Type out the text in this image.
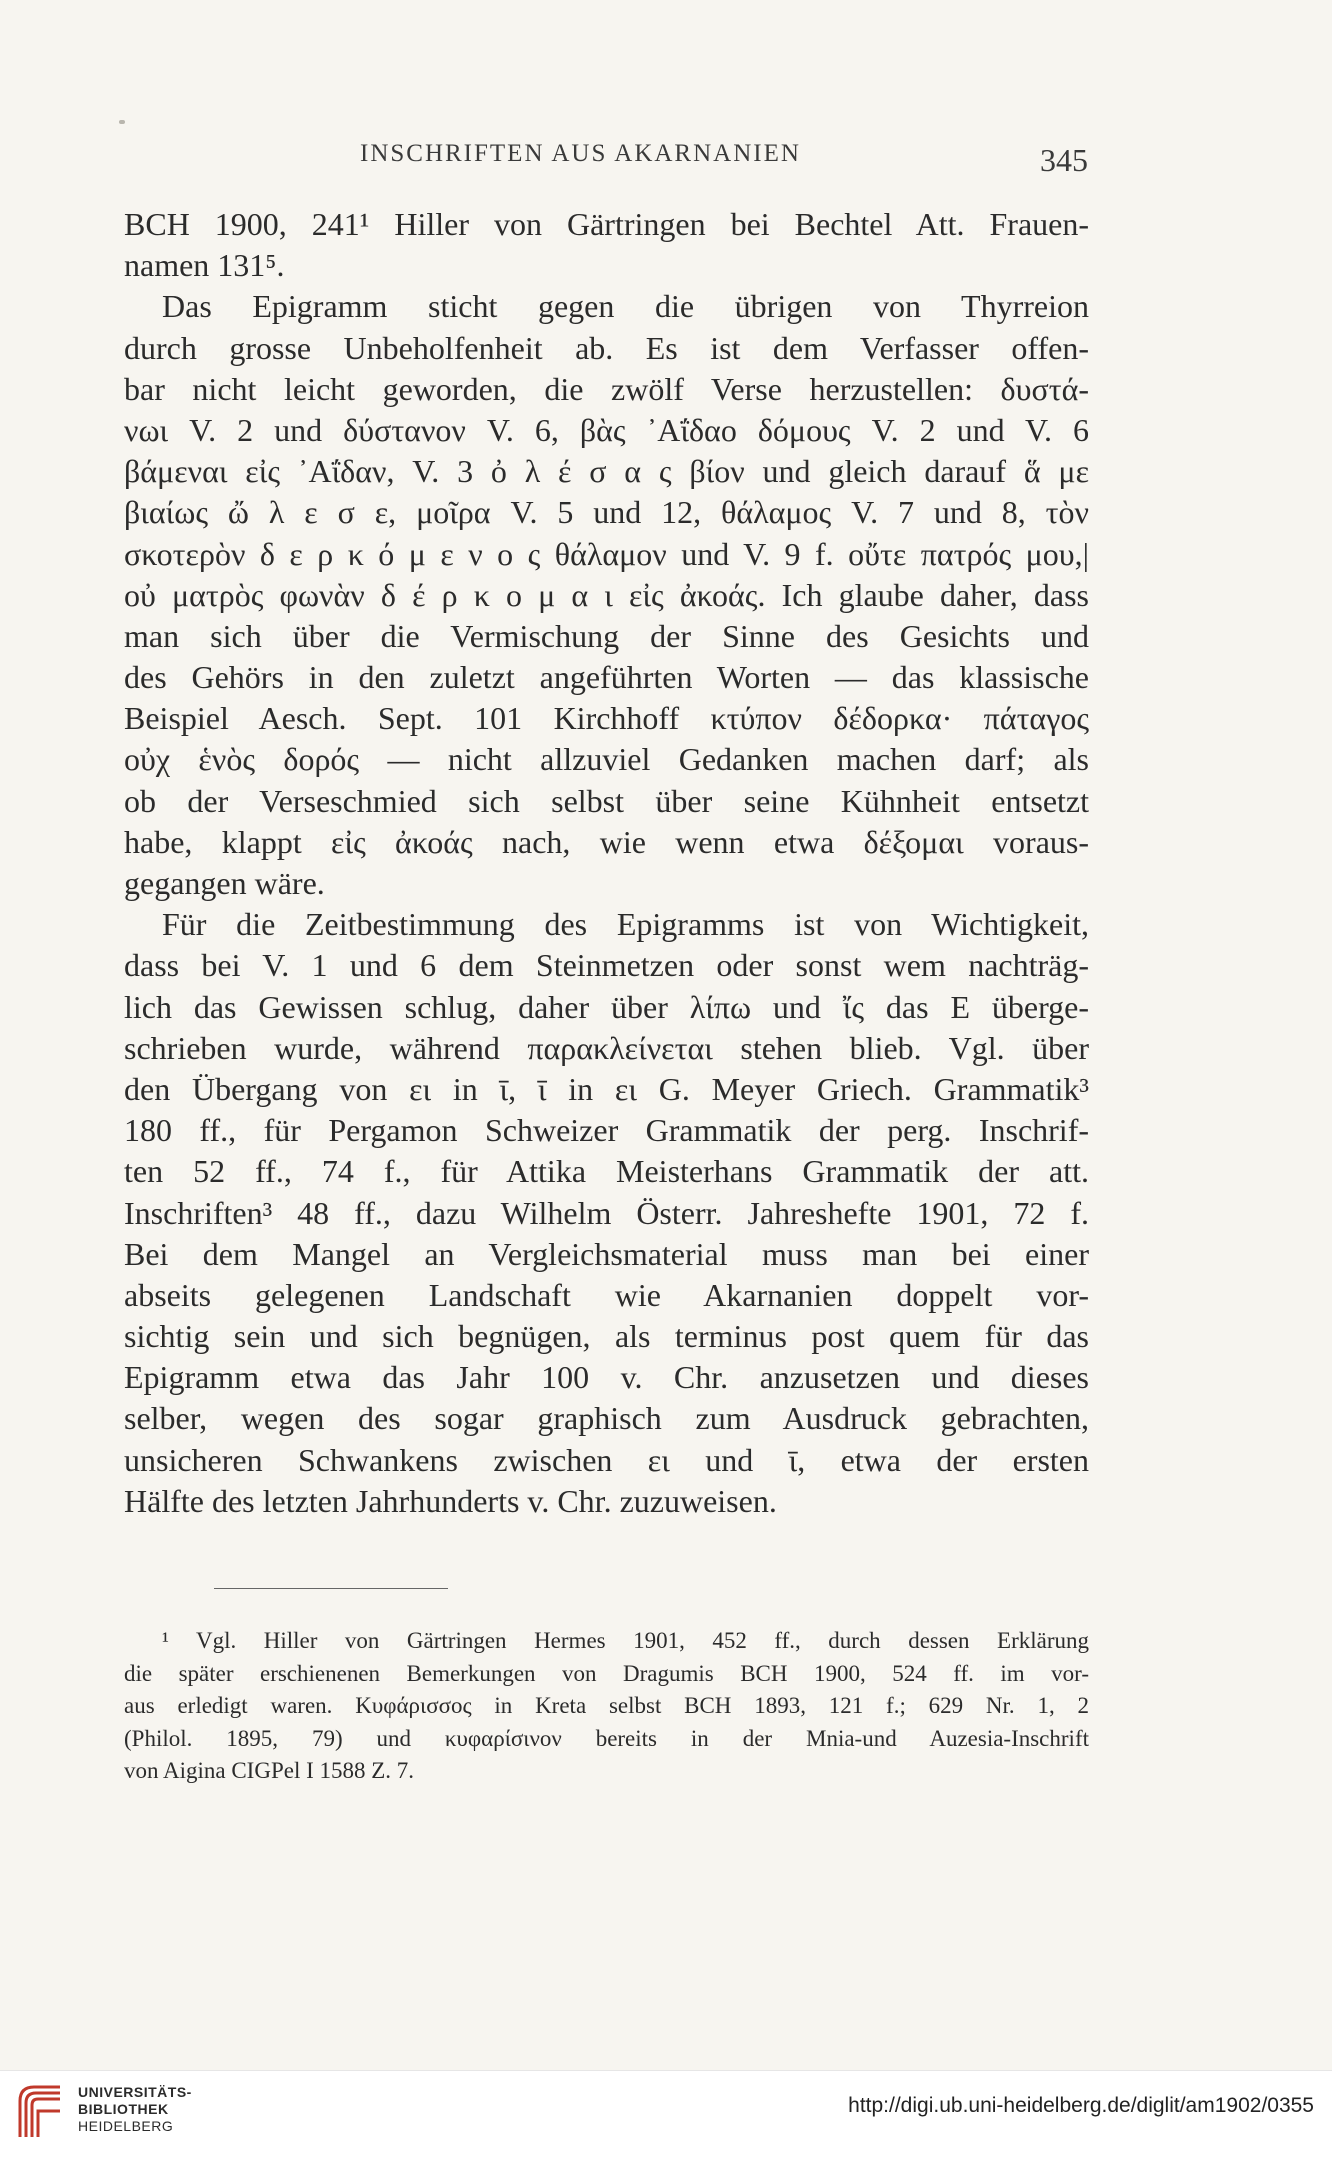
INSCHRIFTEN AUS AKARNANIEN	345
BCH 1900, 241¹ Hiller von Gärtringen bei Bechtel Att. Frauen-
namen 131⁵.
Das Epigramm sticht gegen die übrigen von Thyrreion
durch grosse Unbeholfenheit ab. Es ist dem Verfasser offen-
bar nicht leicht geworden, die zwölf Verse herzustellen: δυστά-
νωι V. 2 und δύστανον V. 6, βὰς ᾿Αΐδαο δόμους V. 2 und V. 6
βάμεναι εἰς ᾿Αΐδαν, V. 3 ὀ λ έ σ α ς βίον und gleich darauf ἅ με
βιαίως ὤ λ ε σ ε, μοῖρα V. 5 und 12, θάλαμος V. 7 und 8, τὸν
σκοτερὸν δ ε ρ κ ό μ ε ν ο ς θάλαμον und V. 9 f. οὔτε πατρός μου,|
οὐ ματρὸς φωνὰν δ έ ρ κ ο μ α ι εἰς ἀκοάς. Ich glaube daher, dass
man sich über die Vermischung der Sinne des Gesichts und
des Gehörs in den zuletzt angeführten Worten — das klassische
Beispiel Aesch. Sept. 101 Kirchhoff κτύπον δέδορκα· πάταγος
οὐχ ἑνὸς δορός — nicht allzuviel Gedanken machen darf; als
ob der Verseschmied sich selbst über seine Kühnheit entsetzt
habe, klappt εἰς ἀκοάς nach, wie wenn etwa δέξομαι voraus-
gegangen wäre.
Für die Zeitbestimmung des Epigramms ist von Wichtigkeit,
dass bei V. 1 und 6 dem Steinmetzen oder sonst wem nachträg-
lich das Gewissen schlug, daher über λίπω und ἴς das E überge-
schrieben wurde, während παρακλείνεται stehen blieb. Vgl. über
den Übergang von ει in ῑ, ῑ in ει G. Meyer Griech. Grammatik³
180 ff., für Pergamon Schweizer Grammatik der perg. Inschrif-
ten 52 ff., 74 f., für Attika Meisterhans Grammatik der att.
Inschriften³ 48 ff., dazu Wilhelm Österr. Jahreshefte 1901, 72 f.
Bei dem Mangel an Vergleichsmaterial muss man bei einer
abseits gelegenen Landschaft wie Akarnanien doppelt vor-
sichtig sein und sich begnügen, als terminus post quem für das
Epigramm etwa das Jahr 100 v. Chr. anzusetzen und dieses
selber, wegen des sogar graphisch zum Ausdruck gebrachten,
unsicheren Schwankens zwischen ει und ῑ, etwa der ersten
Hälfte des letzten Jahrhunderts v. Chr. zuzuweisen.
¹ Vgl. Hiller von Gärtringen Hermes 1901, 452 ff., durch dessen Erklärung
die später erschienenen Bemerkungen von Dragumis BCH 1900, 524 ff. im vor-
aus erledigt waren. Κυφάρισσος in Kreta selbst BCH 1893, 121 f.; 629 Nr. 1, 2
(Philol. 1895, 79) und κυφαρίσινον bereits in der Mnia-und Auzesia-Inschrift
von Aigina CIGPel I 1588 Z. 7.
UNIVERSITÄTS-
BIBLIOTHEK
HEIDELBERG
http://digi.ub.uni-heidelberg.de/diglit/am1902/0355
